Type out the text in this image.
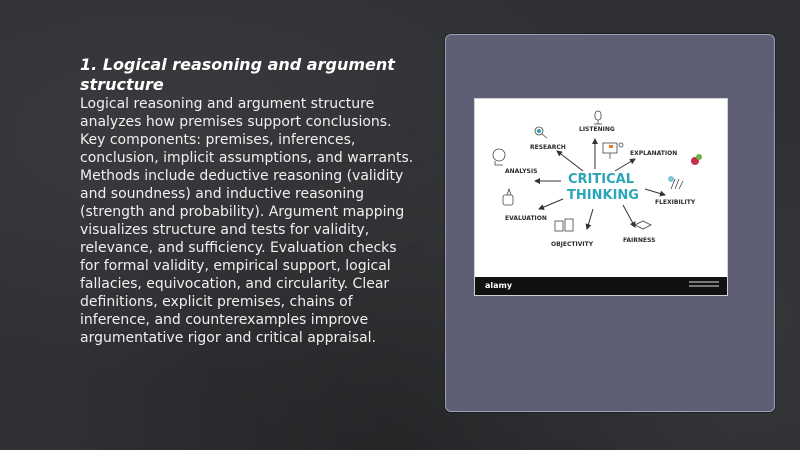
1. Logical reasoning and argument structure

Logical reasoning and argument structure analyzes how premises support conclusions. Key components: premises, inferences, conclusion, implicit assumptions, and warrants. Methods include deductive reasoning (validity and soundness) and inductive reasoning (strength and probability). Argument mapping visualizes structure and tests for validity, relevance, and sufficiency. Evaluation checks for formal validity, empirical support, logical fallacies, equivocation, and circularity. Clear definitions, explicit premises, chains of inference, and counterexamples improve argumentative rigor and critical appraisal.

CRITICAL
THINKING
LISTENING
RESEARCH
EXPLANATION
ANALYSIS
FLEXIBILITY
EVALUATION
OBJECTIVITY
FAIRNESS
alamy
